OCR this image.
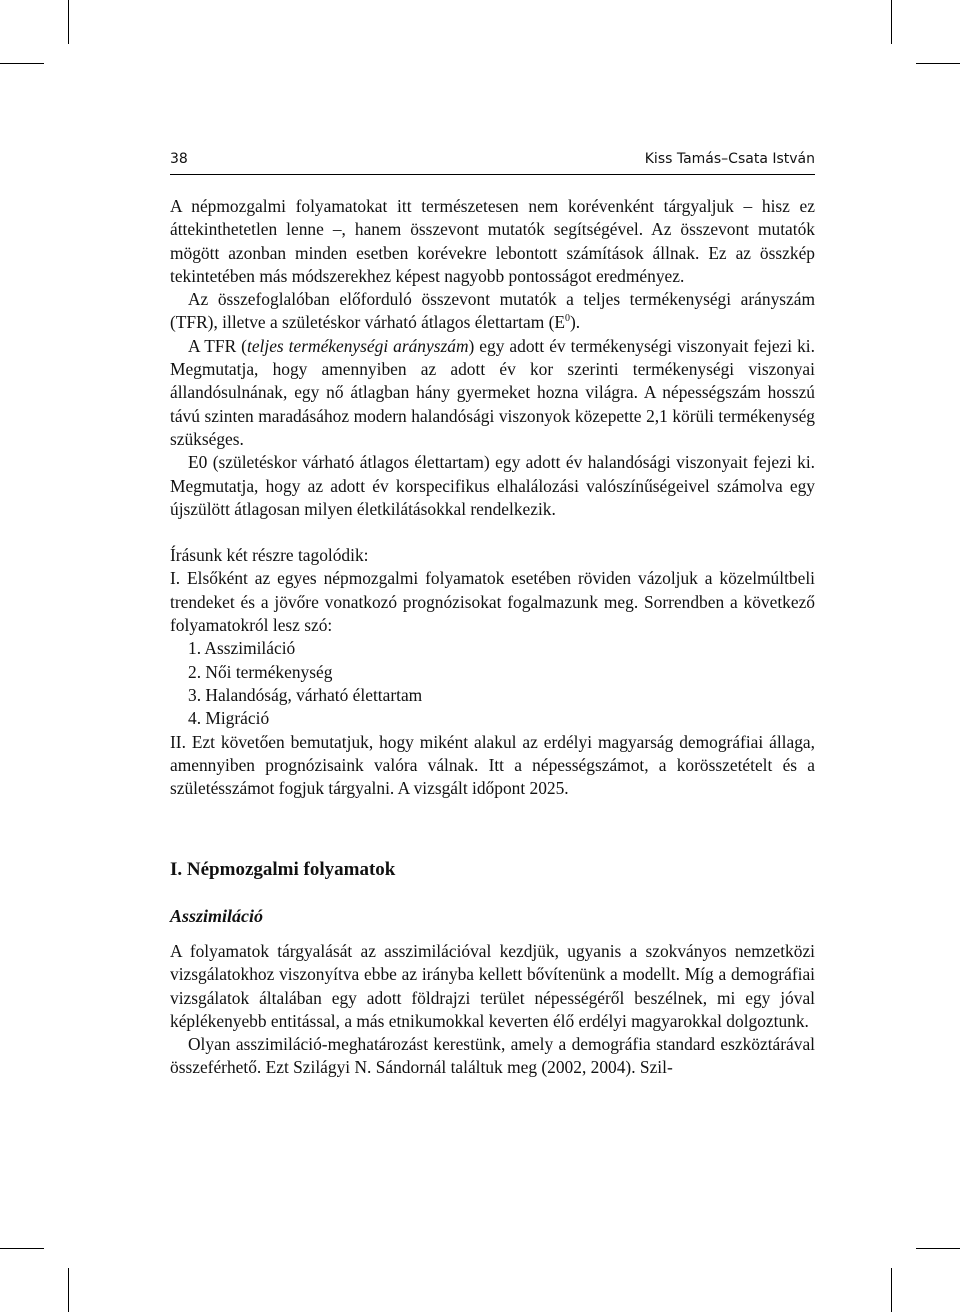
38	Kiss Tamás–Csata István

A népmozgalmi folyamatokat itt természetesen nem korévenként tárgyaljuk – hisz ez áttekinthetetlen lenne –, hanem összevont mutatók segítségével. Az összevont mutatók mögött azonban minden esetben korévekre lebontott számítások állnak. Ez az összkép tekintetében más módszerekhez képest nagyobb pontosságot eredményez.

Az összefoglalóban előforduló összevont mutatók a teljes termékenységi arányszám (TFR), illetve a születéskor várható átlagos élettartam $(E^0)$.

A TFR (teljes termékenységi arányszám) egy adott év termékenységi viszonyait fejezi ki. Megmutatja, hogy amennyiben az adott év kor szerinti termékenységi viszonyai állandósulnának, egy nő átlagban hány gyermeket hozna világra. A népességszám hosszú távú szinten maradásához modern halandósági viszonyok közepette 2,1 körüli termékenység szükséges.

E0 (születéskor várható átlagos élettartam) egy adott év halandósági viszonyait fejezi ki. Megmutatja, hogy az adott év korspecifikus elhalálozási valószínűségeivel számolva egy újszülött átlagosan milyen életkilátásokkal rendelkezik.

Írásunk két részre tagolódik:

I. Elsőként az egyes népmozgalmi folyamatok esetében röviden vázoljuk a közelmúltbeli trendeket és a jövőre vonatkozó prognózisokat fogalmazunk meg. Sorrendben a következő folyamatokról lesz szó:

1. Asszimiláció
2. Női termékenység
3. Halandóság, várható élettartam
4. Migráció

II. Ezt követően bemutatjuk, hogy miként alakul az erdélyi magyarság demográfiai állaga, amennyiben prognózisaink valóra válnak. Itt a népességszámot, a korösszetételt és a születésszámot fogjuk tárgyalni. A vizsgált időpont 2025.

I. Népmozgalmi folyamatok
Asszimiláció

A folyamatok tárgyalását az asszimilációval kezdjük, ugyanis a szokványos nemzetközi vizsgálatokhoz viszonyítva ebbe az irányba kellett bővítenünk a modellt. Míg a demográfiai vizsgálatok általában egy adott földrajzi terület népességéről beszélnek, mi egy jóval képlékenyebb entitással, a más etnikumokkal keverten élő erdélyi magyarokkal dolgoztunk.

Olyan asszimiláció-meghatározást kerestünk, amely a demográfia standard eszköztárával összeférhető. Ezt Szilágyi N. Sándornál találtuk meg (2002, 2004). Szil-
